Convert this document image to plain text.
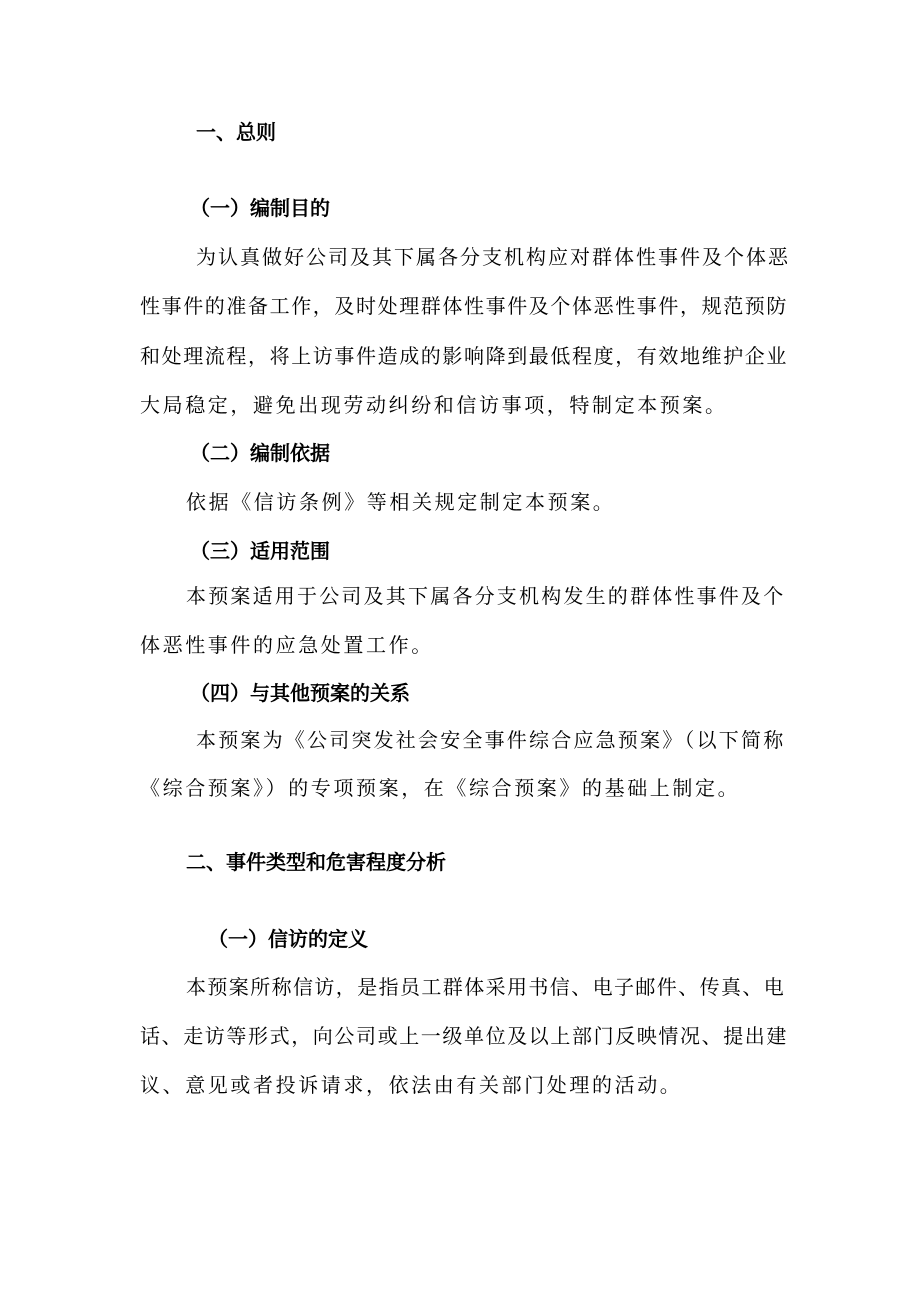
一、总则

（一）编制目的

为认真做好公司及其下属各分支机构应对群体性事件及个体恶

性事件的准备工作，及时处理群体性事件及个体恶性事件，规范预防

和处理流程，将上访事件造成的影响降到最低程度，有效地维护企业

大局稳定，避免出现劳动纠纷和信访事项，特制定本预案。

（二）编制依据

依据《信访条例》等相关规定制定本预案。

（三）适用范围

本预案适用于公司及其下属各分支机构发生的群体性事件及个

体恶性事件的应急处置工作。

（四）与其他预案的关系

本预案为《公司突发社会安全事件综合应急预案》（以下简称

《综合预案》）的专项预案，在《综合预案》的基础上制定。

二、事件类型和危害程度分析

（一）信访的定义

本预案所称信访，是指员工群体采用书信、电子邮件、传真、电

话、走访等形式，向公司或上一级单位及以上部门反映情况、提出建

议、意见或者投诉请求，依法由有关部门处理的活动。
